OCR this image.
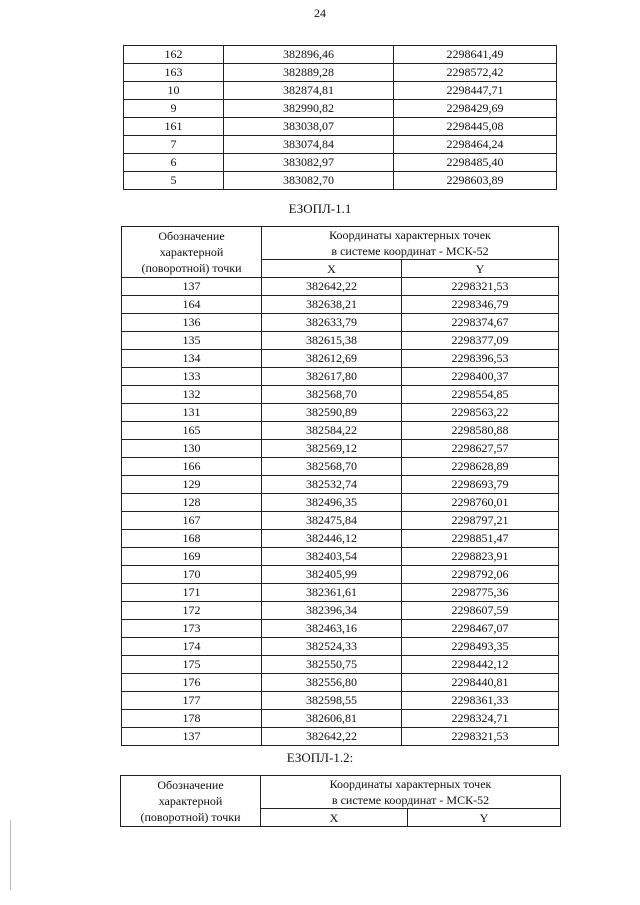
24
162	382896,46	2298641,49
163	382889,28	2298572,42
10	382874,81	2298447,71
9	382990,82	2298429,69
161	383038,07	2298445,08
7	383074,84	2298464,24
6	383082,97	2298485,40
5	383082,70	2298603,89
ЕЗОПЛ-1.1
Обозначение
характерной
(поворотной) точки	Координаты характерных точек
в системе координат - МСК-52	

	X	Y
137	382642,22	2298321,53
164	382638,21	2298346,79
136	382633,79	2298374,67
135	382615,38	2298377,09
134	382612,69	2298396,53
133	382617,80	2298400,37
132	382568,70	2298554,85
131	382590,89	2298563,22
165	382584,22	2298580,88
130	382569,12	2298627,57
166	382568,70	2298628,89
129	382532,74	2298693,79
128	382496,35	2298760,01
167	382475,84	2298797,21
168	382446,12	2298851,47
169	382403,54	2298823,91
170	382405,99	2298792,06
171	382361,61	2298775,36
172	382396,34	2298607,59
173	382463,16	2298467,07
174	382524,33	2298493,35
175	382550,75	2298442,12
176	382556,80	2298440,81
177	382598,55	2298361,33
178	382606,81	2298324,71
137	382642,22	2298321,53
ЕЗОПЛ-1.2:
Обозначение
характерной
(поворотной) точки	Координаты характерных точек
в системе координат - МСК-52	

	X	Y
